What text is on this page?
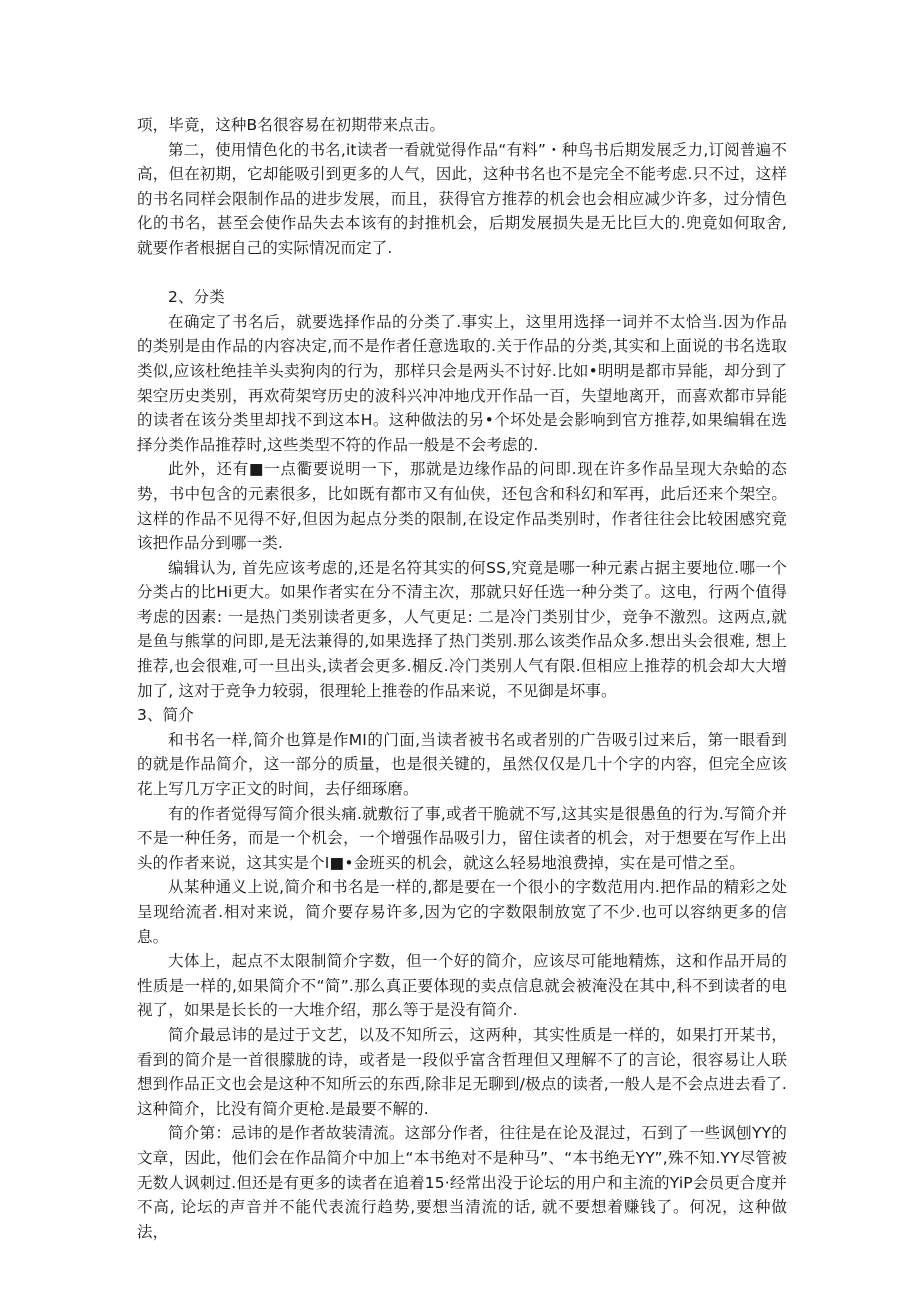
项，毕竟，这种B名很容易在初期带来点击。

第二，使用情色化的书名,it读者一看就觉得作品“有料”・种鸟书后期发展乏力,订阅普遍不高，但在初期，它却能吸引到更多的人气，因此，这种书名也不是完全不能考虑.只不过，这样的书名同样会限制作品的进步发展，而且，获得官方推荐的机会也会相应减少许多，过分情色化的书名，甚至会使作品失去本该有的封推机会，后期发展损失是无比巨大的.兜竟如何取舍,就要作者根据自己的实际情况而定了.

2、分类

在确定了书名后，就要选择作品的分类了.事实上，这里用选择一词并不太恰当.因为作品的类别是由作品的内容决定,而不是作者任意选取的.关于作品的分类,其实和上面说的书名选取类似,应该杜绝挂羊头卖狗肉的行为，那样只会是两头不讨好.比如•明明是都市异能，却分到了架空历史类别，再欢荷架穹历史的波科兴冲冲地戊开作品一百，失望地离开，而喜欢都市异能的读者在该分类里却找不到这本H。这种做法的另•个坏处是会影响到官方推荐,如果编辑在选择分类作品推荐时,这些类型不符的作品一般是不会考虑的.

此外，还有■一点衢要说明一下，那就是边缘作品的问即.现在许多作品呈现大杂蛤的态势，书中包含的元素很多，比如既有都市又有仙侠，还包含和科幻和军再，此后还来个架空。这样的作品不见得不好,但因为起点分类的限制,在设定作品类别时，作者往往会比较困感究竟该把作品分到哪一类.

编辑认为, 首先应该考虑的,还是名符其实的何SS,究竟是哪一种元素占据主要地位.哪一个分类占的比Hi更大。如果作者实在分不清主次，那就只好任选一种分类了。这电，行两个值得考虑的因素: 一是热门类别读者更多，人气更足: 二是冷门类别甘少，竞争不激烈。这两点,就是鱼与熊掌的问即,是无法兼得的,如果选择了热门类别.那么该类作品众多.想出头会很难, 想上推荐,也会很难,可一旦出头,读者会更多.楣反.冷门类别人气有限.但相应上推荐的机会却大大增加了, 这对于竞争力较弱，很理轮上推卷的作品来说，不见御是坏事。

3、简介

和书名一样,简介也算是作MI的门面,当读者被书名或者别的广告吸引过来后，第一眼看到的就是作品简介，这一部分的质量，也是很关键的，虽然仅仅是几十个字的内容，但完全应该花上写几万字正文的时间，去仔细琢磨。

有的作者觉得写简介很头痛.就敷衍了事,或者干脆就不写,这其实是很愚鱼的行为.写简介并不是一种任务，而是一个机会，一个增强作品吸引力，留住读者的机会，对于想要在写作上出头的作者来说，这其实是个I■•金班买的机会，就这么轻易地浪费掉，实在是可惜之至。

从某种通义上说,简介和书名是一样的,都是要在一个很小的字数范用内.把作品的精彩之处呈现给流者.相对来说，简介要存易许多,因为它的字数限制放宽了不少.也可以容纳更多的信息。

大体上，起点不太限制简介字数，但一个好的简介，应该尽可能地精炼，这和作品开局的性质是一样的,如果简介不“简”.那么真正要体现的卖点信息就会被淹没在其中,科不到读者的电视了，如果是长长的一大堆介绍，那么等于是没有简介.

简介最忌讳的是过于文艺，以及不知所云，这两种，其实性质是一样的，如果打开某书，看到的简介是一首很朦胧的诗，或者是一段似乎富含哲理但又理解不了的言论，很容易让人联想到作品正文也会是这种不知所云的东西,除非足无聊到/极点的读者,一般人是不会点进去看了.这种简介，比没有简介更枪.是最要不解的.

简介第：忌讳的是作者故装清流。这部分作者，往往是在论及混过，石到了一些讽刨YY的文章，因此，他们会在作品简介中加上“本书绝对不是种马”、“本书绝无YY”,殊不知.YY尽管被无数人讽刺过.但还是有更多的读者在追着15·经常出没于论坛的用户和主流的YiP会员更合度并不高, 论坛的声音并不能代表流行趋势,要想当清流的话, 就不要想着赚钱了。何况，这种做法，
